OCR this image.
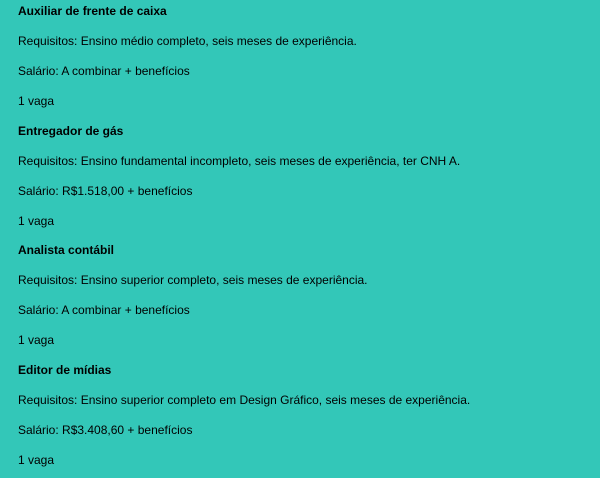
Auxiliar de frente de caixa
Requisitos: Ensino médio completo, seis meses de experiência.
Salário: A combinar + benefícios
1 vaga
Entregador de gás
Requisitos: Ensino fundamental incompleto, seis meses de experiência, ter CNH A.
Salário: R$1.518,00 + benefícios
1 vaga
Analista contábil
Requisitos: Ensino superior completo, seis meses de experiência.
Salário: A combinar + benefícios
1 vaga
Editor de mídias
Requisitos: Ensino superior completo em Design Gráfico, seis meses de experiência.
Salário: R$3.408,60 + benefícios
1 vaga
